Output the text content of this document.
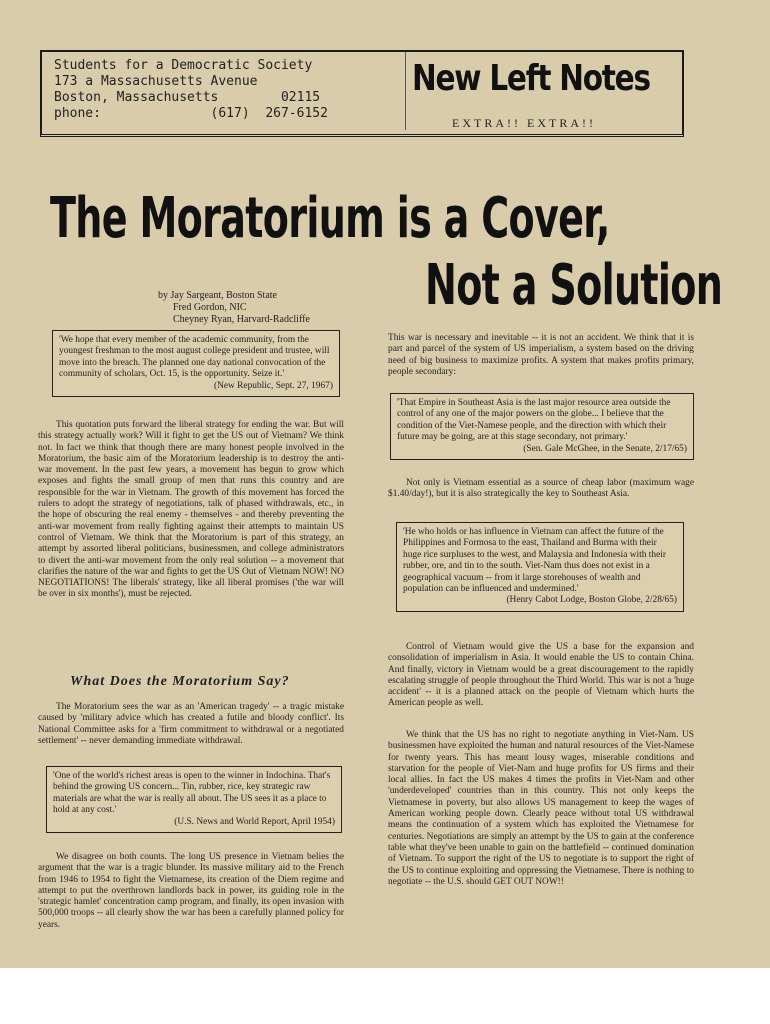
Students for a Democratic Society
173 a Massachusetts Avenue
Boston, Massachusetts        02115
phone:              (617)  267-6152
New Left Notes
EXTRA!! EXTRA!!
The Moratorium is a Cover,
Not a Solution
by Jay Sargeant, Boston State
Fred Gordon, NIC
Cheyney Ryan, Harvard-Radcliffe
'We hope that every member of the academic community, from the youngest freshman to the most august college president and trustee, will move into the breach. The planned one day national convocation of the community of scholars, Oct. 15, is the opportunity. Seize it.'
(New Republic, Sept. 27, 1967)
This quotation puts forward the liberal strategy for ending the war. But will this strategy actually work? Will it fight to get the US out of Vietnam? We think not. In fact we think that though there are many honest people involved in the Moratorium, the basic aim of the Moratorium leadership is to destroy the anti-war movement. In the past few years, a movement has begun to grow which exposes and fights the small group of men that runs this country and are responsible for the war in Vietnam. The growth of this movement has forced the rulers to adopt the strategy of negotiations, talk of phased withdrawals, etc., in the hope of obscuring the real enemy - themselves - and thereby preventing the anti-war movement from really fighting against their attempts to maintain US control of Vietnam. We think that the Moratorium is part of this strategy, an attempt by assorted liberal politicians, businessmen, and college administrators to divert the anti-war movement from the only real solution -- a movement that clarifies the nature of the war and fights to get the US Out of Vietnam NOW! NO NEGOTIATIONS! The liberals' strategy, like all liberal promises ('the war will be over in six months'), must be rejected.
What Does the Moratorium Say?
The Moratorium sees the war as an 'American tragedy' -- a tragic mistake caused by 'military advice which has created a futile and bloody conflict'. Its National Committee asks for a 'firm commitment to withdrawal or a negotiated settlement' -- never demanding immediate withdrawal.
'One of the world's richest areas is open to the winner in Indochina. That's behind the growing US concern... Tin, rubber, rice, key strategic raw materials are what the war is really all about. The US sees it as a place to hold at any cost.'
(U.S. News and World Report, April 1954)
We disagree on both counts. The long US presence in Vietnam belies the argument that the war is a tragic blunder. Its massive military aid to the French from 1946 to 1954 to fight the Vietnamese, its creation of the Diem regime and attempt to put the overthrown landlords back in power, its guiding role in the 'strategic hamlet' concentration camp program, and finally, its open invasion with 500,000 troops -- all clearly show the war has been a carefully planned policy for years.
This war is necessary and inevitable -- it is not an accident. We think that it is part and parcel of the system of US imperialism, a system based on the driving need of big business to maximize profits. A system that makes profits primary, people secondary:
'That Empire in Southeast Asia is the last major resource area outside the control of any one of the major powers on the globe... I believe that the condition of the Viet-Namese people, and the direction with which their future may be going, are at this stage secondary, not primary.'
(Sen. Gale McGhee, in the Senate, 2/17/65)
Not only is Vietnam essential as a source of cheap labor (maximum wage $1.40/day!), but it is also strategically the key to Southeast Asia.
'He who holds or has influence in Vietnam can affect the future of the Philippines and Formosa to the east, Thailand and Burma with their huge rice surpluses to the west, and Malaysia and Indonesia with their rubber, ore, and tin to the south. Viet-Nam thus does not exist in a geographical vacuum -- from it large storehouses of wealth and population can be influenced and undermined.'
(Henry Cabot Lodge, Boston Globe, 2/28/65)
Control of Vietnam would give the US a base for the expansion and consolidation of imperialism in Asia. It would enable the US to contain China. And finally, victory in Vietnam would be a great discouragement to the rapidly escalating struggle of people throughout the Third World. This war is not a 'huge accident' -- it is a planned attack on the people of Vietnam which hurts the American people as well.
We think that the US has no right to negotiate anything in Viet-Nam. US businessmen have exploited the human and natural resources of the Viet-Namese for twenty years. This has meant lousy wages, miserable conditions and starvation for the people of Viet-Nam and huge profits for US firms and their local allies. In fact the US makes 4 times the profits in Viet-Nam and other 'underdeveloped' countries than in this country. This not only keeps the Vietnamese in poverty, but also allows US management to keep the wages of American working people down. Clearly peace without total US withdrawal means the continuation of a system which has exploited the Vietnamese for centuries. Negotiations are simply an attempt by the US to gain at the conference table what they've been unable to gain on the battlefield -- continued domination of Vietnam. To support the right of the US to negotiate is to support the right of the US to continue exploiting and oppressing the Vietnamese. There is nothing to negotiate -- the U.S. should GET OUT NOW!!
